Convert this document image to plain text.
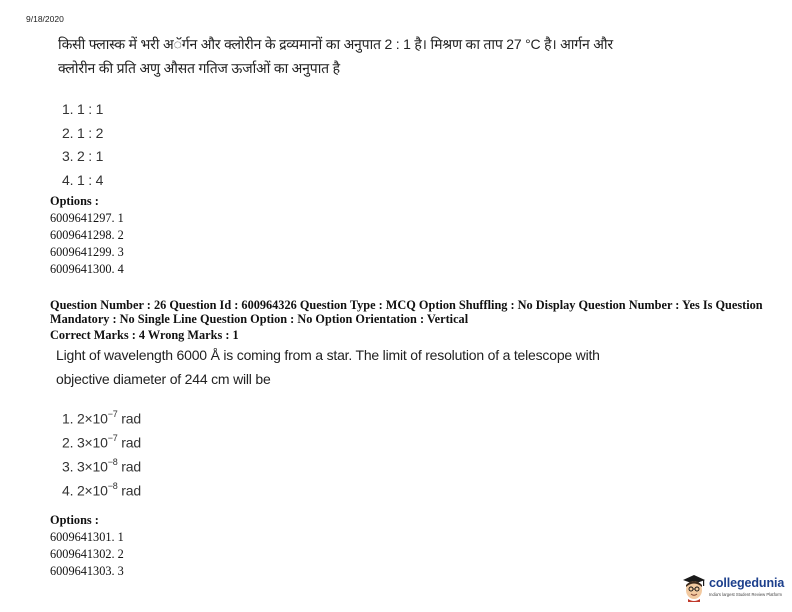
9/18/2020
किसी फ्लास्क में भरी अॅर्गन और क्लोरीन के द्रव्यमानों का अनुपात 2 : 1 है। मिश्रण का ताप 27 °C है। आर्गन और
क्लोरीन की प्रति अणु औसत गतिज ऊर्जाओं का अनुपात है
1. 1 : 1
2. 1 : 2
3. 2 : 1
4. 1 : 4
Options :
6009641297. 1
6009641298. 2
6009641299. 3
6009641300. 4
Question Number : 26 Question Id : 600964326 Question Type : MCQ Option Shuffling : No Display Question Number : Yes Is Question
Mandatory : No Single Line Question Option : No Option Orientation : Vertical
Correct Marks : 4 Wrong Marks : 1
Light of wavelength 6000 Å is coming from a star. The limit of resolution of a telescope with
objective diameter of 244 cm will be
1. $2\times 10^{-7}$ rad
2. $3\times 10^{-7}$ rad
3. $3\times 10^{-8}$ rad
4. $2\times 10^{-8}$ rad
Options :
6009641301. 1
6009641302. 2
6009641303. 3
collegedunia
India's largest Student Review Platform
